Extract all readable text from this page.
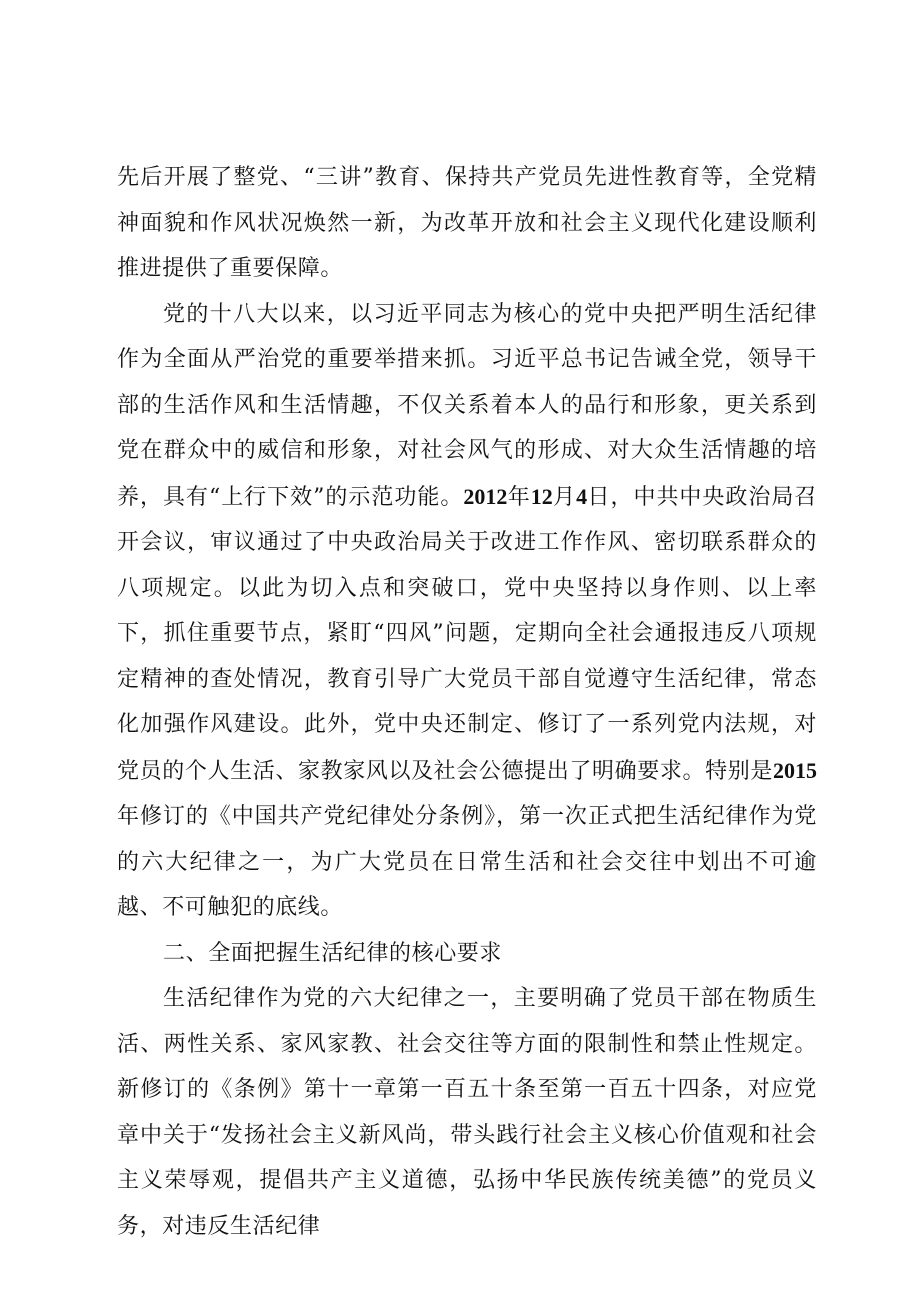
先后开展了整党、“三讲”教育、保持共产党员先进性教育等，全党精神面貌和作风状况焕然一新，为改革开放和社会主义现代化建设顺利推进提供了重要保障。

党的十八大以来，以习近平同志为核心的党中央把严明生活纪律作为全面从严治党的重要举措来抓。习近平总书记告诫全党，领导干部的生活作风和生活情趣，不仅关系着本人的品行和形象，更关系到党在群众中的威信和形象，对社会风气的形成、对大众生活情趣的培养，具有“上行下效”的示范功能。2012年12月4日，中共中央政治局召开会议，审议通过了中央政治局关于改进工作作风、密切联系群众的八项规定。以此为切入点和突破口，党中央坚持以身作则、以上率下，抓住重要节点，紧盯“四风”问题，定期向全社会通报违反八项规定精神的查处情况，教育引导广大党员干部自觉遵守生活纪律，常态化加强作风建设。此外，党中央还制定、修订了一系列党内法规，对党员的个人生活、家教家风以及社会公德提出了明确要求。特别是2015年修订的《中国共产党纪律处分条例》，第一次正式把生活纪律作为党的六大纪律之一，为广大党员在日常生活和社会交往中划出不可逾越、不可触犯的底线。

二、全面把握生活纪律的核心要求

生活纪律作为党的六大纪律之一，主要明确了党员干部在物质生活、两性关系、家风家教、社会交往等方面的限制性和禁止性规定。新修订的《条例》第十一章第一百五十条至第一百五十四条，对应党章中关于“发扬社会主义新风尚，带头践行社会主义核心价值观和社会主义荣辱观，提倡共产主义道德，弘扬中华民族传统美德”的党员义务，对违反生活纪律
